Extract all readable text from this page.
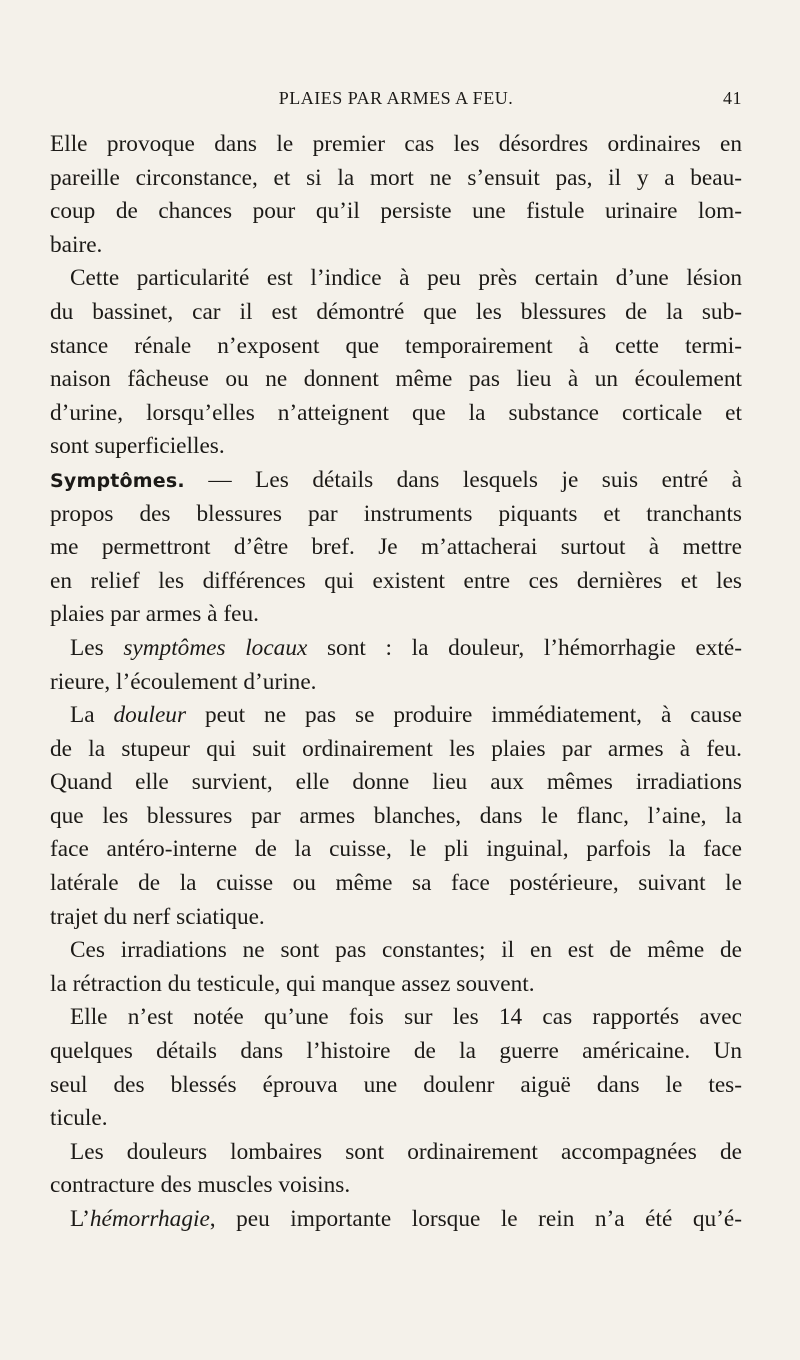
PLAIES PAR ARMES A FEU.	41
Elle provoque dans le premier cas les désordres ordinaires en
pareille circonstance, et si la mort ne s’ensuit pas, il y a beau-
coup de chances pour qu’il persiste une fistule urinaire lom-
baire.
Cette particularité est l’indice à peu près certain d’une lésion
du bassinet, car il est démontré que les blessures de la sub-
stance rénale n’exposent que temporairement à cette termi-
naison fâcheuse ou ne donnent même pas lieu à un écoulement
d’urine, lorsqu’elles n’atteignent que la substance corticale et
sont superficielles.
Symptômes. — Les détails dans lesquels je suis entré à
propos des blessures par instruments piquants et tranchants
me permettront d’être bref. Je m’attacherai surtout à mettre
en relief les différences qui existent entre ces dernières et les
plaies par armes à feu.
Les symptômes locaux sont : la douleur, l’hémorrhagie exté-
rieure, l’écoulement d’urine.
La douleur peut ne pas se produire immédiatement, à cause
de la stupeur qui suit ordinairement les plaies par armes à feu.
Quand elle survient, elle donne lieu aux mêmes irradiations
que les blessures par armes blanches, dans le flanc, l’aine, la
face antéro-interne de la cuisse, le pli inguinal, parfois la face
latérale de la cuisse ou même sa face postérieure, suivant le
trajet du nerf sciatique.
Ces irradiations ne sont pas constantes; il en est de même de
la rétraction du testicule, qui manque assez souvent.
Elle n’est notée qu’une fois sur les 14 cas rapportés avec
quelques détails dans l’histoire de la guerre américaine. Un
seul des blessés éprouva une doulenr aiguë dans le tes-
ticule.
Les douleurs lombaires sont ordinairement accompagnées de
contracture des muscles voisins.
L’hémorrhagie, peu importante lorsque le rein n’a été qu’é-
